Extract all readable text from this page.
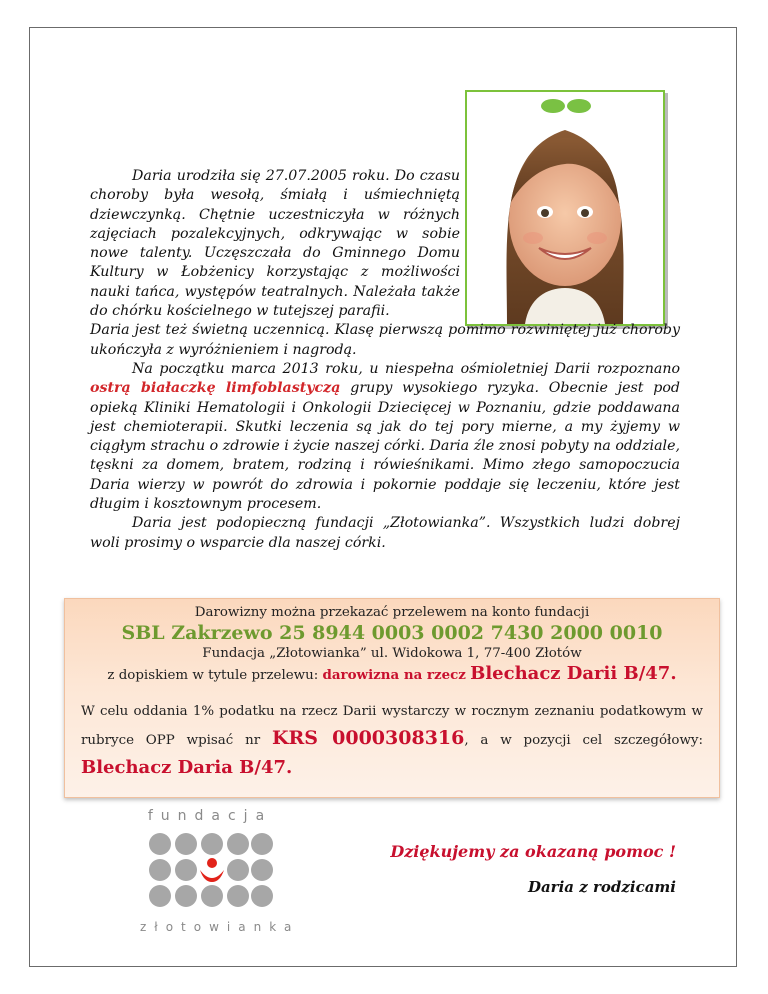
Daria urodziła się 27.07.2005 roku. Do czasu choroby była wesołą, śmiałą i uśmiechniętą dziewczynką. Chętnie uczestniczyła w różnych zajęciach pozalekcyjnych, odkrywając w sobie nowe talenty. Uczęszczała do Gminnego Domu Kultury w Łobżenicy korzystając z możliwości nauki tańca, występów teatralnych. Należała także do chórku kościelnego w tutejszej parafii.

Daria jest też świetną uczennicą. Klasę pierwszą pomimo rozwiniętej już choroby ukończyła z wyróżnieniem i nagrodą.

Na początku marca 2013 roku, u niespełna ośmioletniej Darii rozpoznano ostrą białaczkę limfoblastyczą grupy wysokiego ryzyka. Obecnie jest pod opieką Kliniki Hematologii i Onkologii Dziecięcej w Poznaniu, gdzie poddawana jest chemioterapii. Skutki leczenia są jak do tej pory mierne, a my żyjemy w ciągłym strachu o zdrowie i życie naszej córki. Daria źle znosi pobyty na oddziale, tęskni za domem, bratem, rodziną i rówieśnikami. Mimo złego samopoczucia Daria wierzy w powrót do zdrowia i pokornie poddaje się leczeniu, które jest długim i kosztownym procesem.

Daria jest podopieczną fundacji „Złotowianka”. Wszystkich ludzi dobrej woli prosimy o wsparcie dla naszej córki.

Darowizny można przekazać przelewem na konto fundacji

SBL Zakrzewo 25 8944 0003 0002 7430 2000 0010

Fundacja „Złotowianka” ul. Widokowa 1, 77-400 Złotów

z dopiskiem w tytule przelewu: darowizna na rzecz Blechacz Darii B/47.

W celu oddania 1% podatku na rzecz Darii wystarczy w rocznym zeznaniu podatkowym w rubryce OPP wpisać nr KRS 0000308316, a w pozycji cel szczegółowy: Blechacz Daria B/47.

fundacja
złotowianka
Dziękujemy za okazaną pomoc !
Daria z rodzicami
